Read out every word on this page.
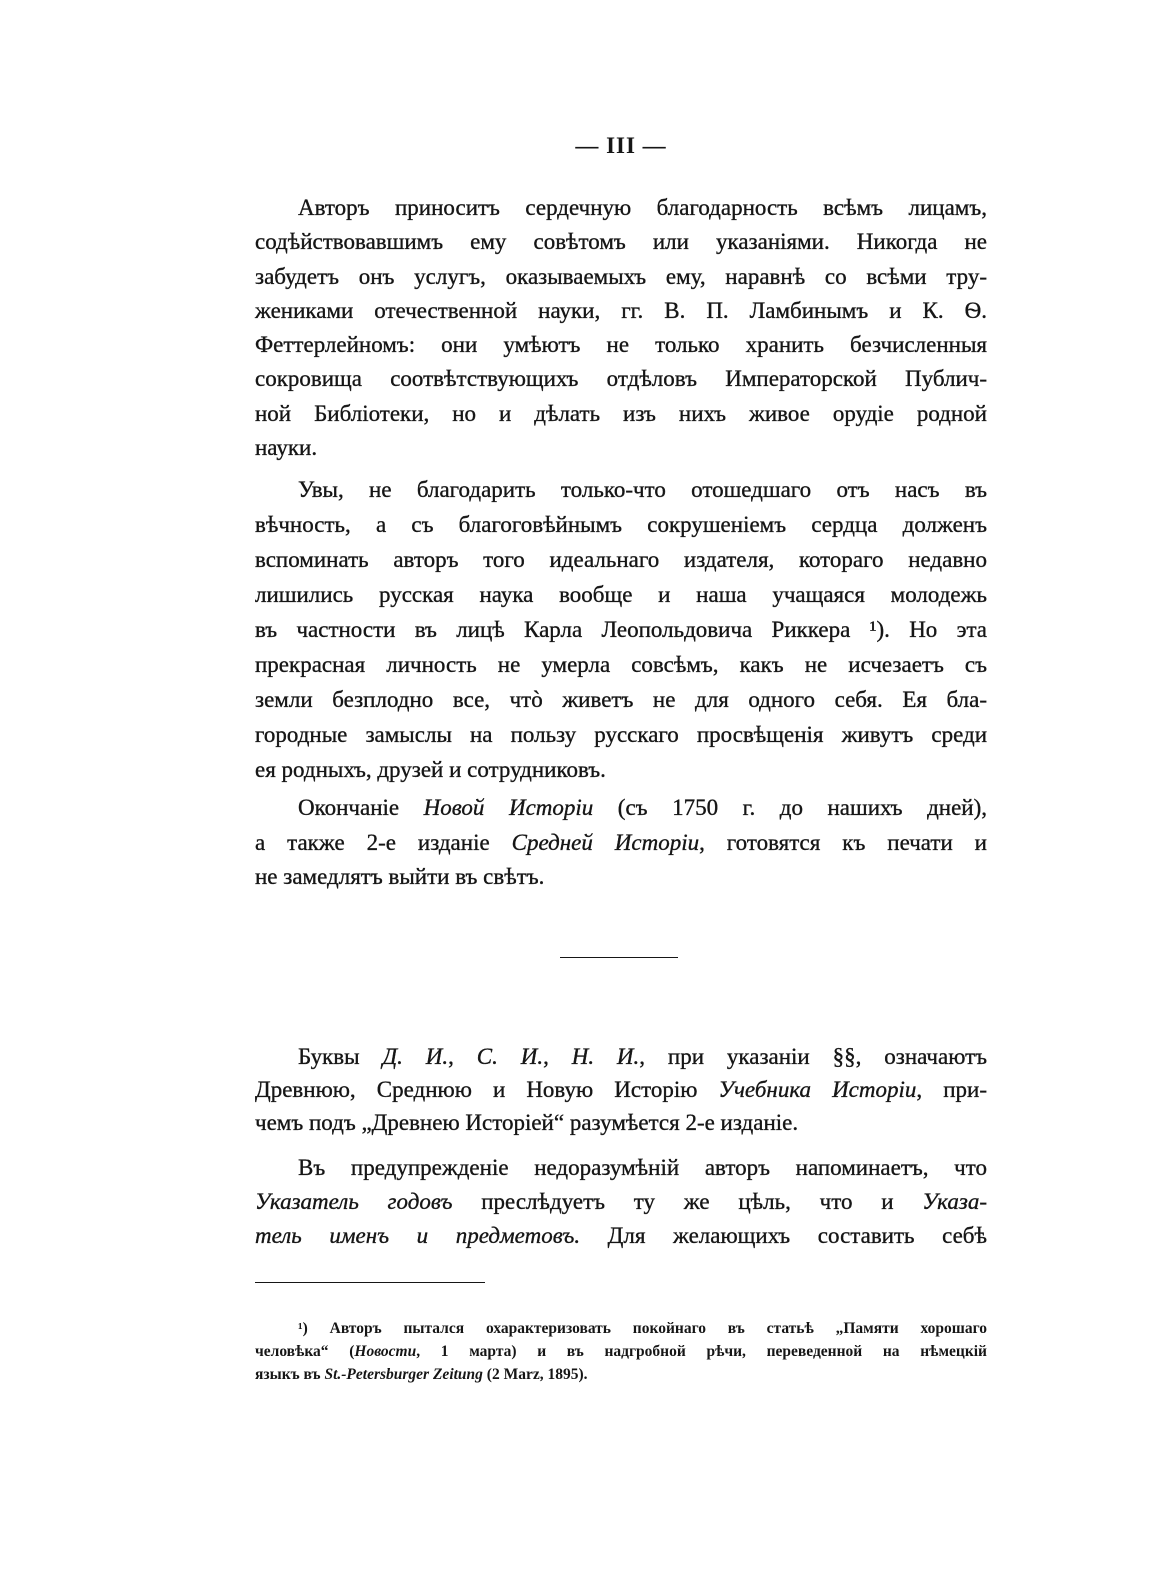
— III —
Авторъ приноситъ сердечную благодарность всѣмъ лицамъ,
содѣйствовавшимъ ему совѣтомъ или указаніями. Никогда не
забудетъ онъ услугъ, оказываемыхъ ему, наравнѣ со всѣми тру-
жениками отечественной науки, гг. В. П. Ламбинымъ и К. Ѳ.
Феттерлейномъ: они умѣютъ не только хранить безчисленныя
сокровища соотвѣтствующихъ отдѣловъ Императорской Публич-
ной Библіотеки, но и дѣлать изъ нихъ живое орудіе родной
науки.
Увы, не благодарить только-что отошедшаго отъ насъ въ
вѣчность, а съ благоговѣйнымъ сокрушеніемъ сердца долженъ
вспоминать авторъ того идеальнаго издателя, котораго недавно
лишились русская наука вообще и наша учащаяся молодежь
въ частности въ лицѣ Карла Леопольдовича Риккера ¹). Но эта
прекрасная личность не умерла совсѣмъ, какъ не исчезаетъ съ
земли безплодно все, чтò живетъ не для одного себя. Ея бла-
городные замыслы на пользу русскаго просвѣщенія живутъ среди
ея родныхъ, друзей и сотрудниковъ.
Окончаніе Новой Исторіи (съ 1750 г. до нашихъ дней),
а также 2-е изданіе Средней Исторіи, готовятся къ печати и
не замедлятъ выйти въ свѣтъ.
Буквы Д. И., С. И., Н. И., при указаніи §§, означаютъ
Древнюю, Среднюю и Новую Исторію Учебника Исторіи, при-
чемъ подъ „Древнею Исторіей“ разумѣется 2-е изданіе.
Въ предупрежденіе недоразумѣній авторъ напоминаетъ, что
Указатель годовъ преслѣдуетъ ту же цѣль, что и Указа-
тель именъ и предметовъ. Для желающихъ составить себѣ
¹) Авторъ пытался охарактеризовать покойнаго въ статьѣ „Памяти хорошаго
человѣка“ (Новости, 1 марта) и въ надгробной рѣчи, переведенной на нѣмецкій
языкъ въ St.-Petersburger Zeitung (2 Marz, 1895).
